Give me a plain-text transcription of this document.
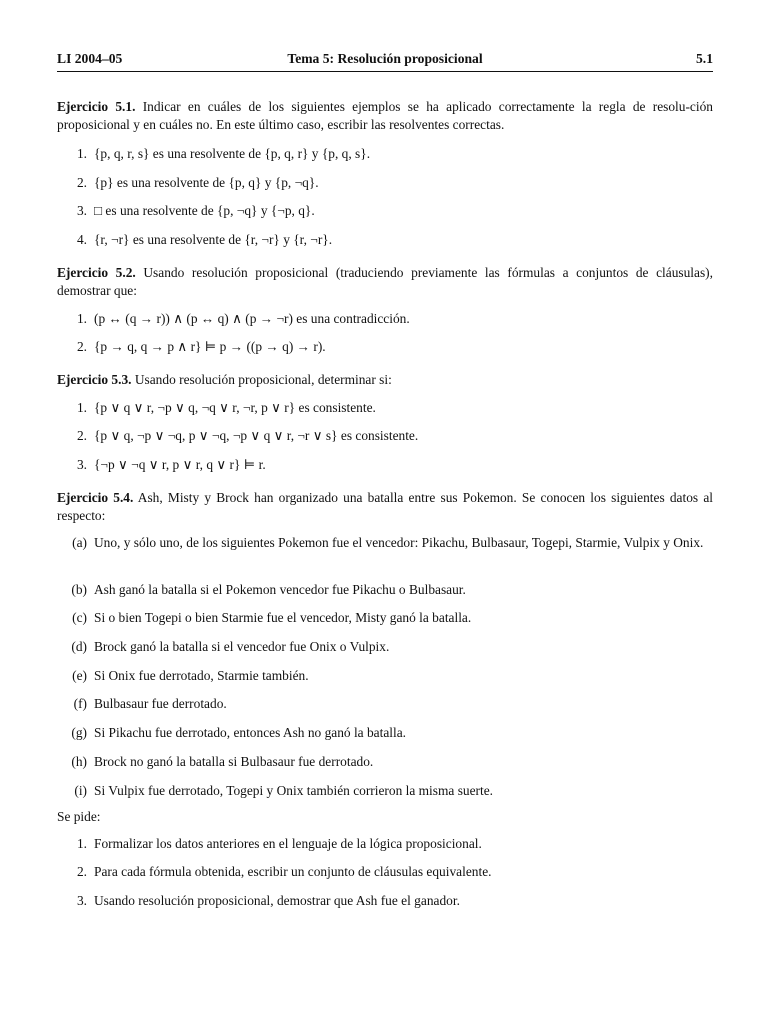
LI 2004–05	Tema 5: Resolución proposicional	5.1
Ejercicio 5.1. Indicar en cuáles de los siguientes ejemplos se ha aplicado correctamente la regla de resolu-ción proposicional y en cuáles no. En este último caso, escribir las resolventes correctas.
1. {p, q, r, s} es una resolvente de {p, q, r} y {p, q, s}.
2. {p} es una resolvente de {p, q} y {p, ¬q}.
3. □ es una resolvente de {p, ¬q} y {¬p, q}.
4. {r, ¬r} es una resolvente de {r, ¬r} y {r, ¬r}.
Ejercicio 5.2. Usando resolución proposicional (traduciendo previamente las fórmulas a conjuntos de cláusulas), demostrar que:
1. (p ↔ (q → r)) ∧ (p ↔ q) ∧ (p → ¬r) es una contradicción.
2. {p → q, q → p ∧ r} ⊨ p → ((p → q) → r).
Ejercicio 5.3. Usando resolución proposicional, determinar si:
1. {p ∨ q ∨ r, ¬p ∨ q, ¬q ∨ r, ¬r, p ∨ r} es consistente.
2. {p ∨ q, ¬p ∨ ¬q, p ∨ ¬q, ¬p ∨ q ∨ r, ¬r ∨ s} es consistente.
3. {¬p ∨ ¬q ∨ r, p ∨ r, q ∨ r} ⊨ r.
Ejercicio 5.4. Ash, Misty y Brock han organizado una batalla entre sus Pokemon. Se conocen los siguientes datos al respecto:
(a) Uno, y sólo uno, de los siguientes Pokemon fue el vencedor: Pikachu, Bulbasaur, Togepi, Starmie, Vulpix y Onix.
(b) Ash ganó la batalla si el Pokemon vencedor fue Pikachu o Bulbasaur.
(c) Si o bien Togepi o bien Starmie fue el vencedor, Misty ganó la batalla.
(d) Brock ganó la batalla si el vencedor fue Onix o Vulpix.
(e) Si Onix fue derrotado, Starmie también.
(f) Bulbasaur fue derrotado.
(g) Si Pikachu fue derrotado, entonces Ash no ganó la batalla.
(h) Brock no ganó la batalla si Bulbasaur fue derrotado.
(i) Si Vulpix fue derrotado, Togepi y Onix también corrieron la misma suerte.
Se pide:
1. Formalizar los datos anteriores en el lenguaje de la lógica proposicional.
2. Para cada fórmula obtenida, escribir un conjunto de cláusulas equivalente.
3. Usando resolución proposicional, demostrar que Ash fue el ganador.
